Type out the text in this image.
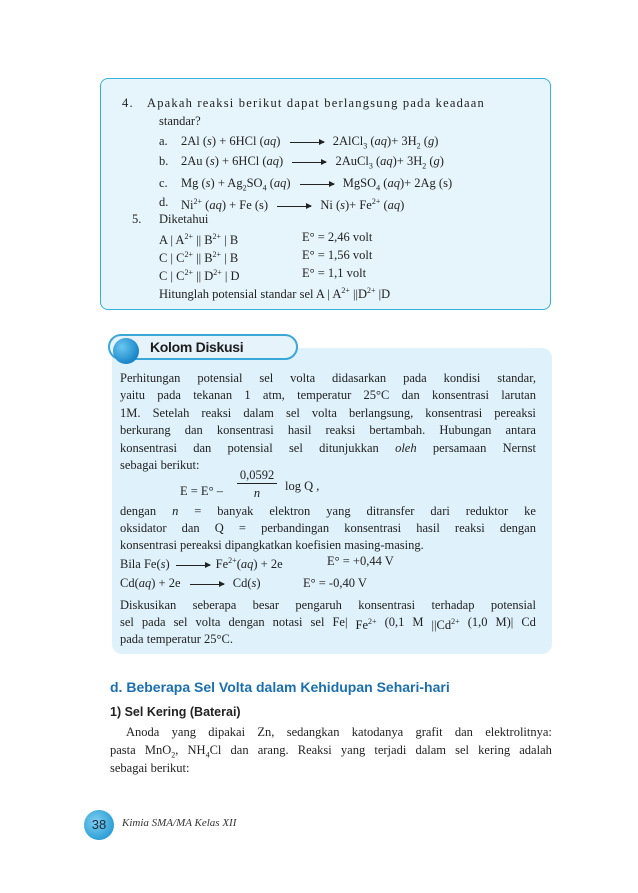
4. Apakah reaksi berikut dapat berlangsung pada keadaan
standar?
a. 2Al (s) + 6HCl (aq)	2AlCl$_3$ $(aq)+ 3H_2$ (g)
b. 2Au (s) + 6HCl (aq)	2AuCl$_3$ $(aq)+ 3H_2$ (g)
c. Mg $(s) + Ag_2SO_4$ (aq)	MgSO$_4$ (aq)+ 2Ag (s)
d. $Ni^{2+}$ (aq) + Fe (s)	Ni $(s)+ Fe^{2+}$ (aq)
5. Diketahui
A | $A^{2+}$ || $B^{2+}$ | B	E° = 2,46 volt
C | $C^{2+}$ || $B^{2+}$ | B	E° = 1,56 volt
C | $C^{2+}$ || $D^{2+}$ | D	E° = 1,1 volt
Hitunglah potensial standar sel A | $A^{2+}$ $||D^{2+}$ |D
Kolom Diskusi
Perhitungan potensial sel volta didasarkan pada kondisi standar,
yaitu pada tekanan 1 atm, temperatur 25°C dan konsentrasi larutan
1M. Setelah reaksi dalam sel volta berlangsung, konsentrasi pereaksi
berkurang dan konsentrasi hasil reaksi bertambah. Hubungan antara
konsentrasi dan potensial sel ditunjukkan oleh persamaan Nernst
sebagai berikut:
E = E° –
0,0592
n	log Q ,
dengan n = banyak elektron yang ditransfer dari reduktor ke
oksidator dan Q = perbandingan konsentrasi hasil reaksi dengan
konsentrasi pereaksi dipangkatkan koefisien masing-masing.
Bila Fe(s)	$Fe^{2+}(aq) + 2e$	E° = +0,44 V
Cd(aq) + 2e	Cd(s)	E° = -0,40 V
Diskusikan seberapa besar pengaruh konsentrasi terhadap potensial
sel pada sel volta dengan notasi sel Fe| $Fe^{2+}$ (0,1 M $||Cd^{2+}$ (1,0 M)| Cd
pada temperatur 25°C.
d. Beberapa Sel Volta dalam Kehidupan Sehari-hari
1) Sel Kering (Baterai)
Anoda yang dipakai Zn, sedangkan katodanya grafit dan elektrolitnya:
pasta MnO$_2$, $NH_4Cl$ dan arang. Reaksi yang terjadi dalam sel kering adalah
sebagai berikut:
38	Kimia SMA/MA Kelas XII
